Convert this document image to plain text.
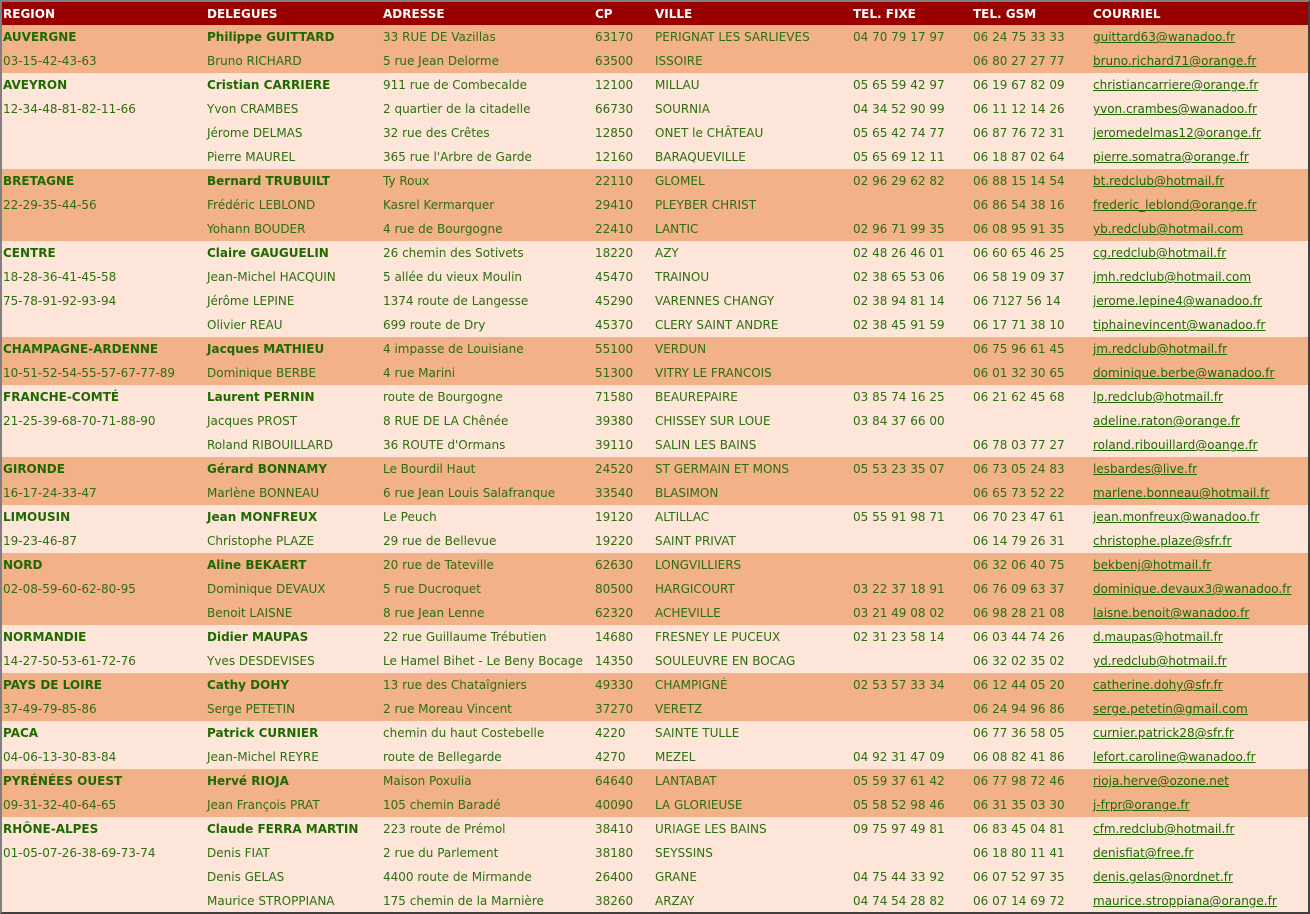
REGION	DELEGUES	ADRESSE	CP	VILLE	TEL. FIXE	TEL. GSM	COURRIEL
AUVERGNE	Philippe GUITTARD	33 RUE DE Vazillas	63170	PERIGNAT LES SARLIEVES	04 70 79 17 97	06 24 75 33 33	guittard63@wanadoo.fr
03-15-42-43-63	Bruno RICHARD	5 rue Jean Delorme	63500	ISSOIRE		06 80 27 27 77	bruno.richard71@orange.fr
AVEYRON	Cristian CARRIERE	911 rue de Combecalde	12100	MILLAU	05 65 59 42 97	06 19 67 82 09	christiancarriere@orange.fr
12-34-48-81-82-11-66	Yvon CRAMBES	2 quartier de la citadelle	66730	SOURNIA	04 34 52 90 99	06 11 12 14 26	yvon.crambes@wanadoo.fr
	Jérome DELMAS	32 rue des Crêtes	12850	ONET le CHÂTEAU	05 65 42 74 77	06 87 76 72 31	jeromedelmas12@orange.fr
	Pierre MAUREL	365 rue l'Arbre de Garde	12160	BARAQUEVILLE	05 65 69 12 11	06 18 87 02 64	pierre.somatra@orange.fr
BRETAGNE	Bernard TRUBUILT	Ty Roux	22110	GLOMEL	02 96 29 62 82	06 88 15 14 54	bt.redclub@hotmail.fr
22-29-35-44-56	Frédéric LEBLOND	Kasrel Kermarquer	29410	PLEYBER CHRIST		06 86 54 38 16	frederic_leblond@orange.fr
	Yohann BOUDER	4 rue de Bourgogne	22410	LANTIC	02 96 71 99 35	06 08 95 91 35	yb.redclub@hotmail.com
CENTRE	Claire GAUGUELIN	26 chemin des Sotivets	18220	AZY	02 48 26 46 01	06 60 65 46 25	cg.redclub@hotmail.fr
18-28-36-41-45-58	Jean-Michel HACQUIN	5 allée du vieux Moulin	45470	TRAINOU	02 38 65 53 06	06 58 19 09 37	jmh.redclub@hotmail.com
75-78-91-92-93-94	Jérôme LEPINE	1374 route de Langesse	45290	VARENNES CHANGY	02 38 94 81 14	06 7127 56 14	jerome.lepine4@wanadoo.fr
	Olivier REAU	699 route de Dry	45370	CLERY SAINT ANDRE	02 38 45 91 59	06 17 71 38 10	tiphainevincent@wanadoo.fr
CHAMPAGNE-ARDENNE	Jacques MATHIEU	4 impasse de Louisiane	55100	VERDUN		06 75 96 61 45	jm.redclub@hotmail.fr
10-51-52-54-55-57-67-77-89	Dominique BERBE	4 rue Marini	51300	VITRY LE FRANCOIS		06 01 32 30 65	dominique.berbe@wanadoo.fr
FRANCHE-COMTÉ	Laurent PERNIN	route de Bourgogne	71580	BEAUREPAIRE	03 85 74 16 25	06 21 62 45 68	lp.redclub@hotmail.fr
21-25-39-68-70-71-88-90	Jacques PROST	8 RUE DE LA Chênée	39380	CHISSEY SUR LOUE	03 84 37 66 00		adeline.raton@orange.fr
	Roland RIBOUILLARD	36 ROUTE d'Ormans	39110	SALIN LES BAINS		06 78 03 77 27	roland.ribouillard@oange.fr
GIRONDE	Gérard BONNAMY	Le Bourdil Haut	24520	ST GERMAIN ET MONS	05 53 23 35 07	06 73 05 24 83	lesbardes@live.fr
16-17-24-33-47	Marlène BONNEAU	6 rue Jean Louis Salafranque	33540	BLASIMON		06 65 73 52 22	marlene.bonneau@hotmail.fr
LIMOUSIN	Jean MONFREUX	Le Peuch	19120	ALTILLAC	05 55 91 98 71	06 70 23 47 61	jean.monfreux@wanadoo.fr
19-23-46-87	Christophe PLAZE	29 rue de Bellevue	19220	SAINT PRIVAT		06 14 79 26 31	christophe.plaze@sfr.fr
NORD	Aline BEKAERT	20 rue de Tateville	62630	LONGVILLIERS		06 32 06 40 75	bekbenj@hotmail.fr
02-08-59-60-62-80-95	Dominique DEVAUX	5 rue Ducroquet	80500	HARGICOURT	03 22 37 18 91	06 76 09 63 37	dominique.devaux3@wanadoo.fr
	Benoit LAISNE	8 rue Jean Lenne	62320	ACHEVILLE	03 21 49 08 02	06 98 28 21 08	laisne.benoit@wanadoo.fr
NORMANDIE	Didier MAUPAS	22 rue Guillaume Trébutien	14680	FRESNEY LE PUCEUX	02 31 23 58 14	06 03 44 74 26	d.maupas@hotmail.fr
14-27-50-53-61-72-76	Yves DESDEVISES	Le Hamel Bihet - Le Beny Bocage	14350	SOULEUVRE EN BOCAG		06 32 02 35 02	yd.redclub@hotmail.fr
PAYS DE LOIRE	Cathy DOHY	13 rue des Chataîgniers	49330	CHAMPIGNÉ	02 53 57 33 34	06 12 44 05 20	catherine.dohy@sfr.fr
37-49-79-85-86	Serge PETETIN	2 rue Moreau Vincent	37270	VERETZ		06 24 94 96 86	serge.petetin@gmail.com
PACA	Patrick CURNIER	chemin du haut Costebelle	4220	SAINTE TULLE		06 77 36 58 05	curnier.patrick28@sfr.fr
04-06-13-30-83-84	Jean-Michel REYRE	route de Bellegarde	4270	MEZEL	04 92 31 47 09	06 08 82 41 86	lefort.caroline@wanadoo.fr
PYRÉNÉES OUEST	Hervé RIOJA	Maison Poxulia	64640	LANTABAT	05 59 37 61 42	06 77 98 72 46	rioja.herve@ozone.net
09-31-32-40-64-65	Jean François PRAT	105 chemin Baradé	40090	LA GLORIEUSE	05 58 52 98 46	06 31 35 03 30	j-frpr@orange.fr
RHÔNE-ALPES	Claude FERRA MARTIN	223 route de Prémol	38410	URIAGE LES BAINS	09 75 97 49 81	06 83 45 04 81	cfm.redclub@hotmail.fr
01-05-07-26-38-69-73-74	Denis FIAT	2 rue du Parlement	38180	SEYSSINS		06 18 80 11 41	denisfiat@free.fr
	Denis GELAS	4400 route de Mirmande	26400	GRANE	04 75 44 33 92	06 07 52 97 35	denis.gelas@nordnet.fr
	Maurice STROPPIANA	175 chemin de la Marnière	38260	ARZAY	04 74 54 28 82	06 07 14 69 72	maurice.stroppiana@orange.fr
